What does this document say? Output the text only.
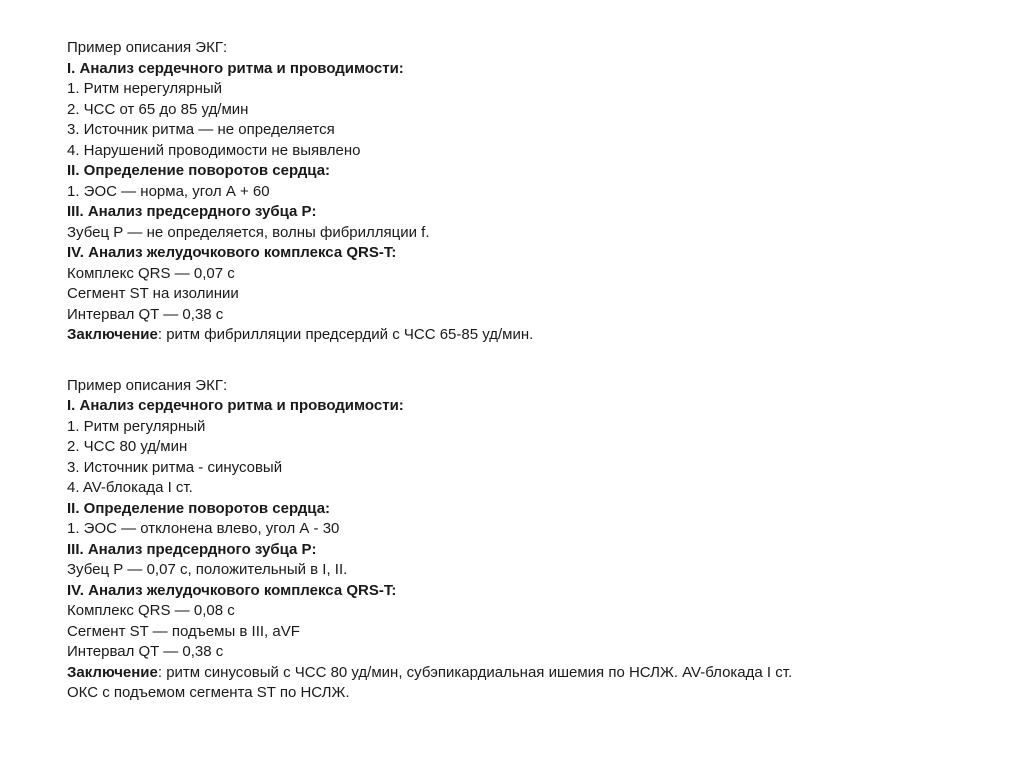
Пример описания ЭКГ:
I. Анализ сердечного ритма и проводимости:
1. Ритм нерегулярный
2. ЧСС от 65 до 85 уд/мин
3. Источник ритма — не определяется
4. Нарушений проводимости не выявлено
II. Определение поворотов сердца:
1. ЭОС — норма, угол А + 60
III. Анализ предсердного зубца P:
Зубец Р — не определяется, волны фибрилляции f.
IV. Анализ желудочкового комплекса QRS-T:
Комплекс QRS — 0,07 с
Сегмент ST на изолинии
Интервал QT — 0,38 с
Заключение: ритм фибрилляции предсердий с ЧСС 65-85 уд/мин.
Пример описания ЭКГ:
I. Анализ сердечного ритма и проводимости:
1. Ритм регулярный
2. ЧСС 80 уд/мин
3. Источник ритма - синусовый
4. AV-блокада I ст.
II. Определение поворотов сердца:
1. ЭОС — отклонена влево, угол А - 30
III. Анализ предсердного зубца P:
Зубец Р — 0,07 с, положительный в I, II.
IV. Анализ желудочкового комплекса QRS-T:
Комплекс QRS — 0,08 с
Сегмент ST — подъемы в III, aVF
Интервал QT — 0,38 с
Заключение: ритм синусовый с ЧСС 80 уд/мин, субэпикардиальная ишемия по НСЛЖ. AV-блокада I ст.
ОКС с подъемом сегмента ST по НСЛЖ.
